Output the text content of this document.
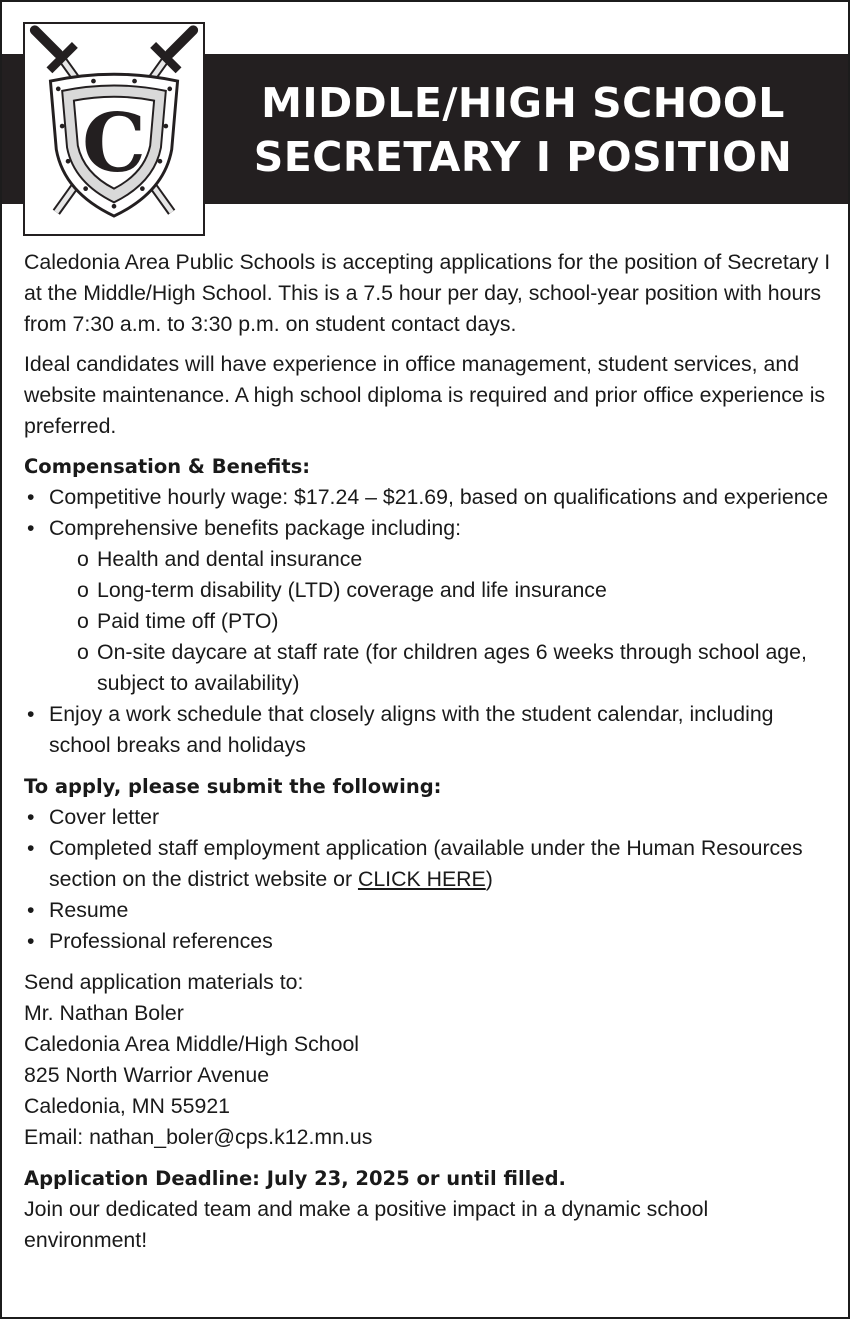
MIDDLE/HIGH SCHOOL
SECRETARY I POSITION
C

Caledonia Area Public Schools is accepting applications for the position of Secretary I at the Middle/High School. This is a 7.5 hour per day, school-year position with hours from 7:30 a.m. to 3:30 p.m. on student contact days.

Ideal candidates will have experience in office management, student services, and website maintenance. A high school diploma is required and prior office experience is preferred.

Compensation & Benefits:
• Competitive hourly wage: $17.24 – $21.69, based on qualifications and experience
• Comprehensive benefits package including:
o Health and dental insurance
o Long-term disability (LTD) coverage and life insurance
o Paid time off (PTO)
o On-site daycare at staff rate (for children ages 6 weeks through school age, subject to availability)
• Enjoy a work schedule that closely aligns with the student calendar, including school breaks and holidays
To apply, please submit the following:
• Cover letter
• Completed staff employment application (available under the Human Resources section on the district website or CLICK HERE)
• Resume
• Professional references
Send application materials to:
Mr. Nathan Boler
Caledonia Area Middle/High School
825 North Warrior Avenue
Caledonia, MN 55921
Email: nathan_boler@cps.k12.mn.us
Application Deadline: July 23, 2025 or until filled.

Join our dedicated team and make a positive impact in a dynamic school environment!
